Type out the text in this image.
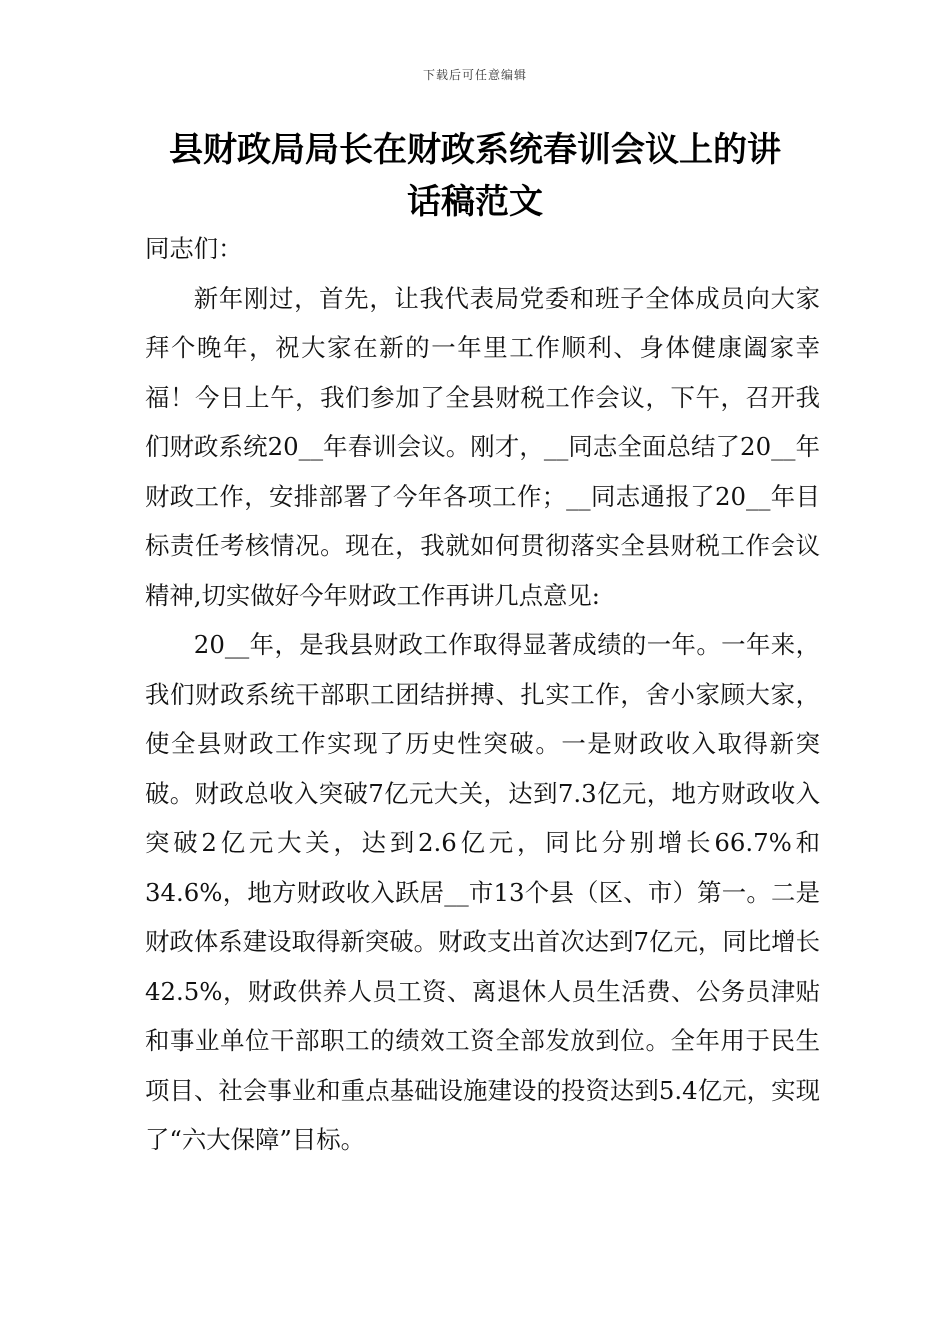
下载后可任意编辑
县财政局局长在财政系统春训会议上的讲
话稿范文

同志们：

新年刚过，首先，让我代表局党委和班子全体成员向大家拜个晚年，祝大家在新的一年里工作顺利、身体健康阖家幸福！今日上午，我们参加了全县财税工作会议，下午，召开我们财政系统20__年春训会议。刚才，__同志全面总结了20__年财政工作，安排部署了今年各项工作；__同志通报了20__年目标责任考核情况。现在，我就如何贯彻落实全县财税工作会议精神,切实做好今年财政工作再讲几点意见:

20__年，是我县财政工作取得显著成绩的一年。一年来，我们财政系统干部职工团结拼搏、扎实工作，舍小家顾大家，使全县财政工作实现了历史性突破。一是财政收入取得新突破。财政总收入突破7亿元大关，达到7.3亿元，地方财政收入突破2亿元大关，达到2.6亿元，同比分别增长66.7%和34.6%，地方财政收入跃居__市13个县（区、市）第一。二是财政体系建设取得新突破。财政支出首次达到7亿元，同比增长42.5%，财政供养人员工资、离退休人员生活费、公务员津贴和事业单位干部职工的绩效工资全部发放到位。全年用于民生项目、社会事业和重点基础设施建设的投资达到5.4亿元，实现了“六大保障”目标。
